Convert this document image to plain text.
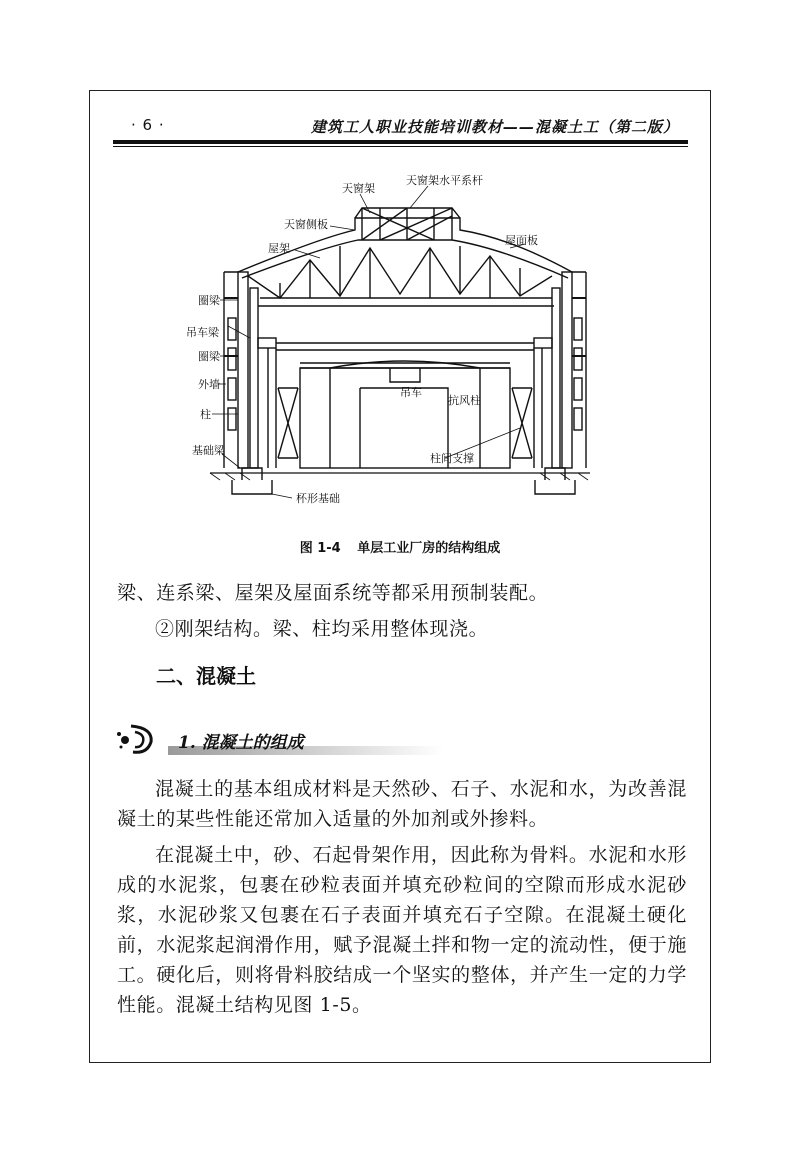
· 6 ·	建筑工人职业技能培训教材——混凝土工（第二版）
天窗架
天窗架水平系杆
天窗侧板
屋架
屋面板
圈梁
吊车梁
圈梁
外墙
柱
基础梁
杯形基础
吊车
抗风柱
柱间支撑
图 1-4 单层工业厂房的结构组成
梁、连系梁、屋架及屋面系统等都采用预制装配。
②刚架结构。梁、柱均采用整体现浇。
二、混凝土
1. 混凝土的组成

混凝土的基本组成材料是天然砂、石子、水泥和水，为改善混凝土的某些性能还常加入适量的外加剂或外掺料。

在混凝土中，砂、石起骨架作用，因此称为骨料。水泥和水形成的水泥浆，包裹在砂粒表面并填充砂粒间的空隙而形成水泥砂浆，水泥砂浆又包裹在石子表面并填充石子空隙。在混凝土硬化前，水泥浆起润滑作用，赋予混凝土拌和物一定的流动性，便于施工。硬化后，则将骨料胶结成一个坚实的整体，并产生一定的力学性能。混凝土结构见图 1-5。
